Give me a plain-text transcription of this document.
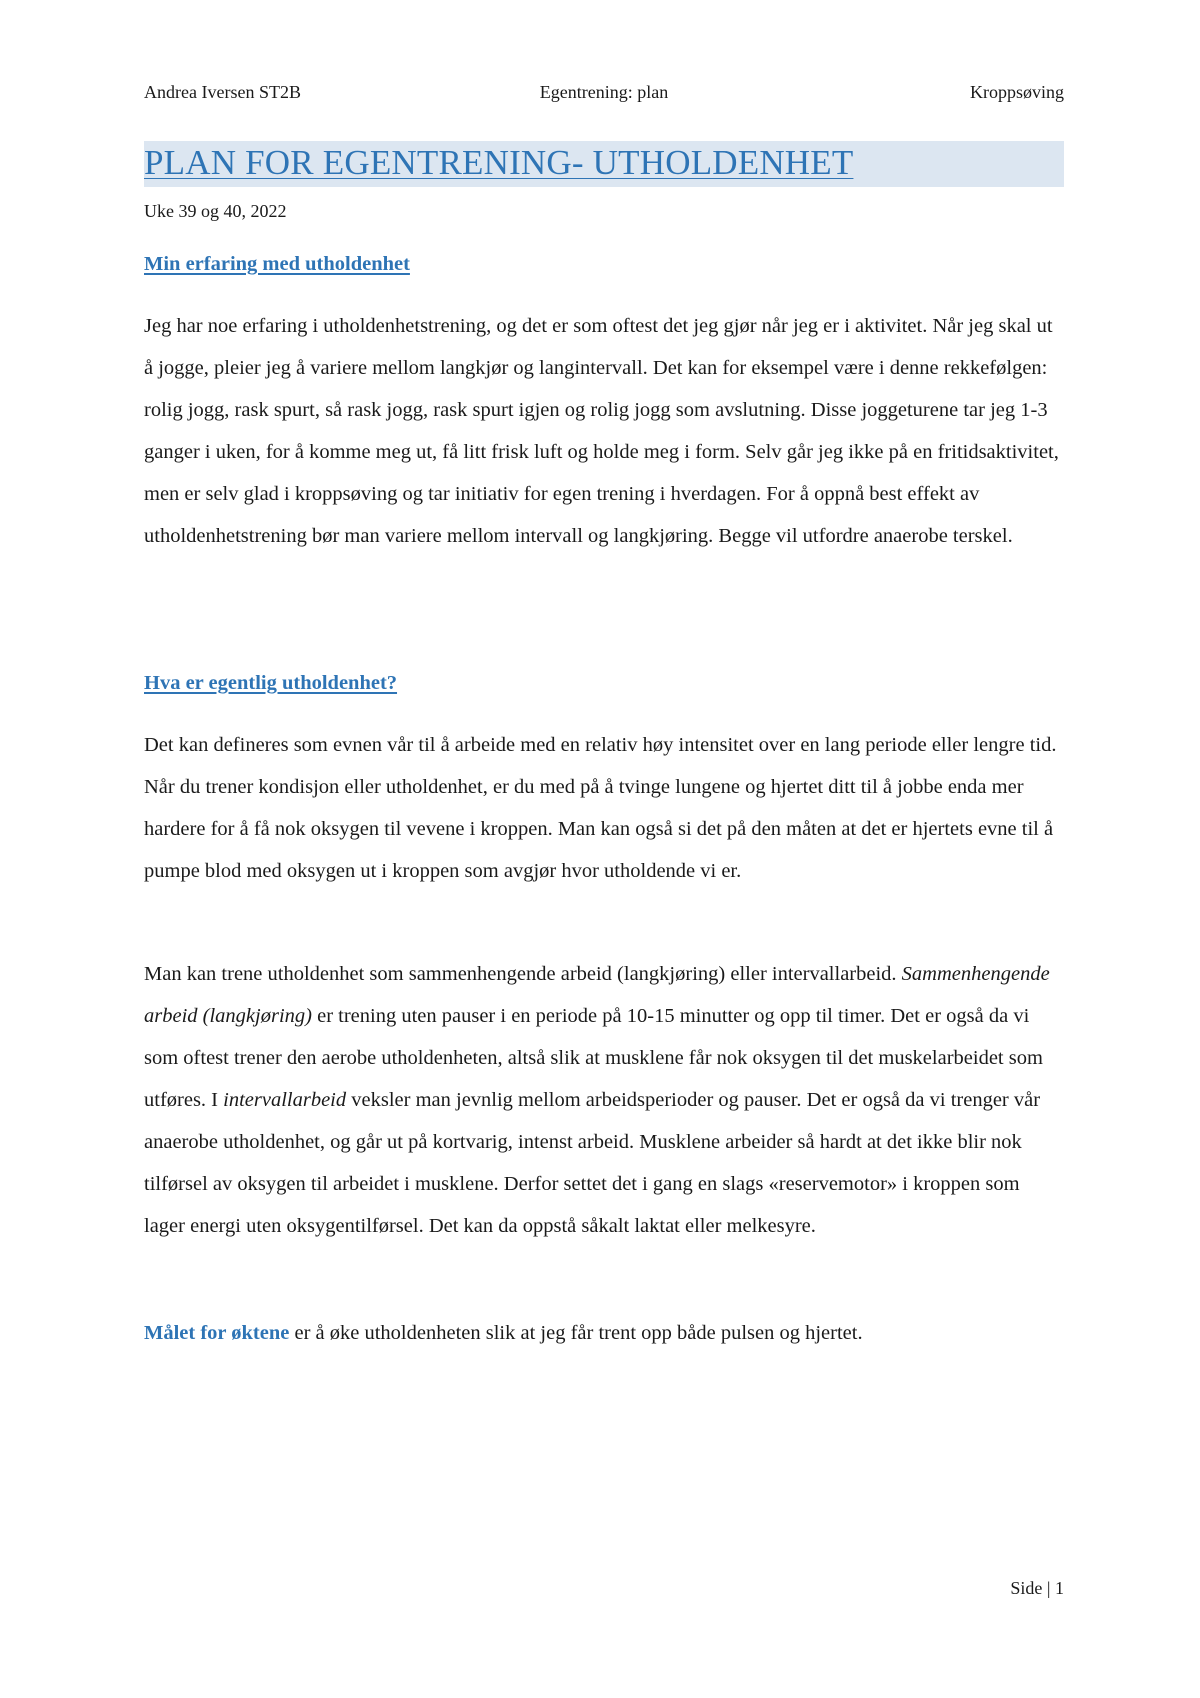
Andrea Iversen ST2B	Egentrening: plan	Kroppsøving
PLAN FOR EGENTRENING- UTHOLDENHET
Uke 39 og 40, 2022
Min erfaring med utholdenhet

Jeg har noe erfaring i utholdenhetstrening, og det er som oftest det jeg gjør når jeg er i aktivitet. Når jeg skal ut å jogge, pleier jeg å variere mellom langkjør og langintervall. Det kan for eksempel være i denne rekkefølgen: rolig jogg, rask spurt, så rask jogg, rask spurt igjen og rolig jogg som avslutning. Disse joggeturene tar jeg 1-3 ganger i uken, for å komme meg ut, få litt frisk luft og holde meg i form. Selv går jeg ikke på en fritidsaktivitet, men er selv glad i kroppsøving og tar initiativ for egen trening i hverdagen. For å oppnå best effekt av utholdenhetstrening bør man variere mellom intervall og langkjøring. Begge vil utfordre anaerobe terskel.

Hva er egentlig utholdenhet?

Det kan defineres som evnen vår til å arbeide med en relativ høy intensitet over en lang periode eller lengre tid. Når du trener kondisjon eller utholdenhet, er du med på å tvinge lungene og hjertet ditt til å jobbe enda mer hardere for å få nok oksygen til vevene i kroppen. Man kan også si det på den måten at det er hjertets evne til å pumpe blod med oksygen ut i kroppen som avgjør hvor utholdende vi er.

Man kan trene utholdenhet som sammenhengende arbeid (langkjøring) eller intervallarbeid. Sammenhengende arbeid (langkjøring) er trening uten pauser i en periode på 10-15 minutter og opp til timer. Det er også da vi som oftest trener den aerobe utholdenheten, altså slik at musklene får nok oksygen til det muskelarbeidet som utføres. I intervallarbeid veksler man jevnlig mellom arbeidsperioder og pauser. Det er også da vi trenger vår anaerobe utholdenhet, og går ut på kortvarig, intenst arbeid. Musklene arbeider så hardt at det ikke blir nok tilførsel av oksygen til arbeidet i musklene. Derfor settet det i gang en slags «reservemotor» i kroppen som lager energi uten oksygentilførsel. Det kan da oppstå såkalt laktat eller melkesyre.

Målet for øktene er å øke utholdenheten slik at jeg får trent opp både pulsen og hjertet.

Side | 1
